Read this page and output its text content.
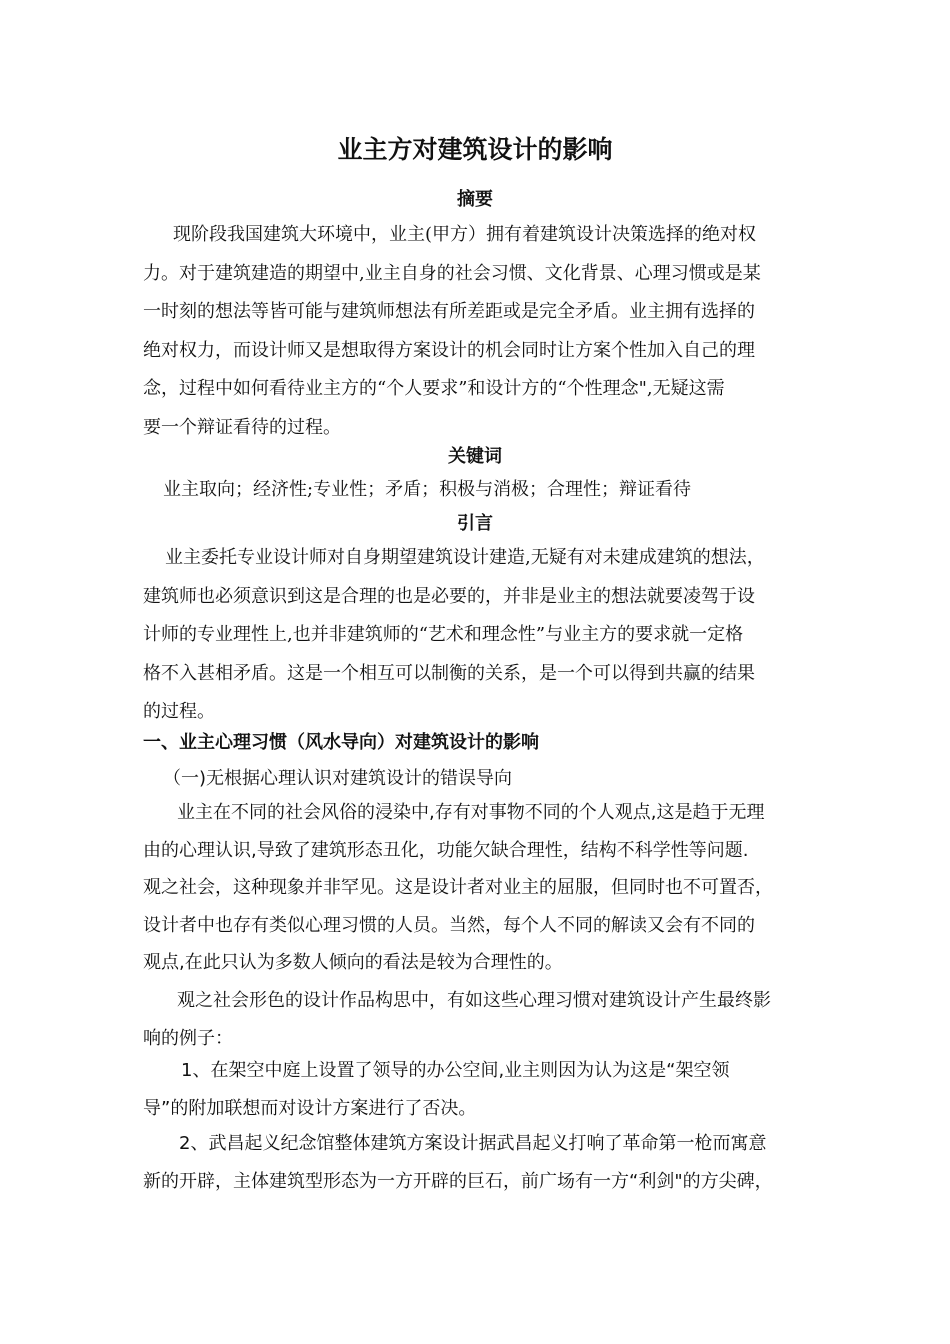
业主方对建筑设计的影响
摘要
现阶段我国建筑大环境中，业主(甲方）拥有着建筑设计决策选择的绝对权
力。对于建筑建造的期望中,业主自身的社会习惯、文化背景、心理习惯或是某
一时刻的想法等皆可能与建筑师想法有所差距或是完全矛盾。业主拥有选择的
绝对权力，而设计师又是想取得方案设计的机会同时让方案个性加入自己的理
念，过程中如何看待业主方的“个人要求”和设计方的“个性理念",无疑这需
要一个辩证看待的过程。
关键词
业主取向；经济性;专业性；矛盾；积极与消极；合理性；辩证看待
引言
业主委托专业设计师对自身期望建筑设计建造,无疑有对未建成建筑的想法，
建筑师也必须意识到这是合理的也是必要的，并非是业主的想法就要凌驾于设
计师的专业理性上,也并非建筑师的“艺术和理念性”与业主方的要求就一定格
格不入甚相矛盾。这是一个相互可以制衡的关系，是一个可以得到共赢的结果
的过程。
一、业主心理习惯（风水导向）对建筑设计的影响
（一)无根据心理认识对建筑设计的错误导向
业主在不同的社会风俗的浸染中,存有对事物不同的个人观点,这是趋于无理
由的心理认识,导致了建筑形态丑化，功能欠缺合理性，结构不科学性等问题.
观之社会，这种现象并非罕见。这是设计者对业主的屈服，但同时也不可置否，
设计者中也存有类似心理习惯的人员。当然，每个人不同的解读又会有不同的
观点,在此只认为多数人倾向的看法是较为合理性的。
观之社会形色的设计作品构思中，有如这些心理习惯对建筑设计产生最终影
响的例子：
1、在架空中庭上设置了领导的办公空间,业主则因为认为这是“架空领
导”的附加联想而对设计方案进行了否决。
2、武昌起义纪念馆整体建筑方案设计据武昌起义打响了革命第一枪而寓意
新的开辟，主体建筑型形态为一方开辟的巨石，前广场有一方“利剑"的方尖碑，
